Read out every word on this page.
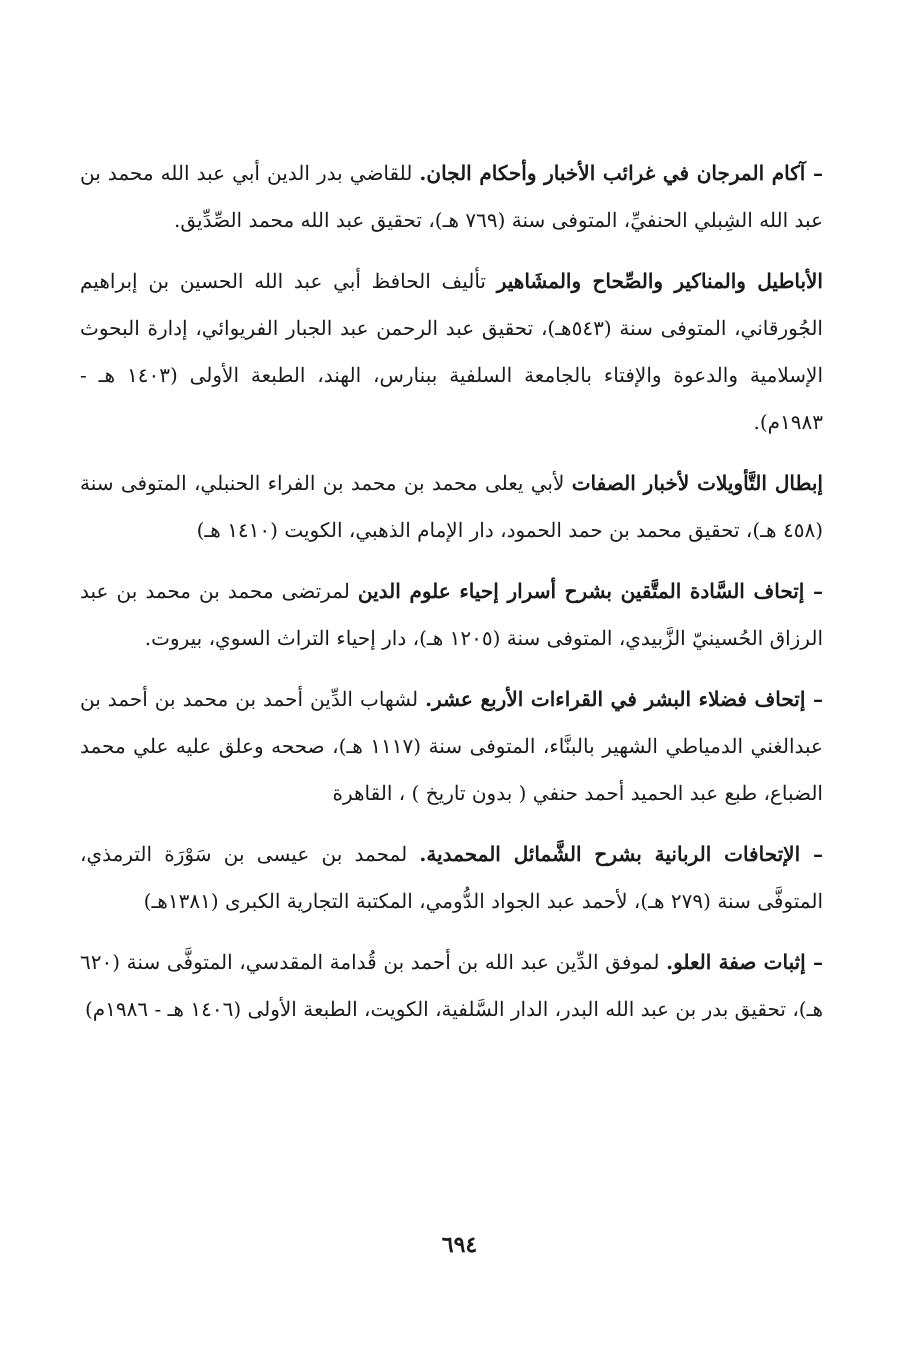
– آكام المرجان في غرائب الأخبار وأحكام الجان. للقاضي بدر الدين أبي عبد الله محمد بن عبد الله الشِبلي الحنفيِّ، المتوفى سنة (٧٦٩ هـ)، تحقيق عبد الله محمد الصِّدِّيق.

الأباطيل والمناكير والصِّحاح والمشَاهير تأليف الحافظ أبي عبد الله الحسين بن إبراهيم الجُورقاني، المتوفى سنة (٥٤٣هـ)، تحقيق عبد الرحمن عبد الجبار الفريوائي، إدارة البحوث الإسلامية والدعوة والإفتاء بالجامعة السلفية ببنارس، الهند، الطبعة الأولى (١٤٠٣ هـ - ١٩٨٣م).

إبطال التَّأويلات لأخبار الصفات لأبي يعلى محمد بن محمد بن الفراء الحنبلي، المتوفى سنة (٤٥٨ هـ)، تحقيق محمد بن حمد الحمود، دار الإمام الذهبي، الكويت (١٤١٠ هـ)

– إتحاف السَّادة المتَّقين بشرح أسرار إحياء علوم الدين لمرتضى محمد بن محمد بن عبد الرزاق الحُسينيّ الزَّبيدي، المتوفى سنة (١٢٠٥ هـ)، دار إحياء التراث السوي، بيروت.

– إتحاف فضلاء البشر في القراءات الأربع عشر. لشهاب الدِّين أحمد بن محمد بن أحمد بن عبدالغني الدمياطي الشهير بالبنَّاء، المتوفى سنة (١١١٧ هـ)، صححه وعلق عليه علي محمد الضباع، طبع عبد الحميد أحمد حنفي ( بدون تاريخ ) ، القاهرة

– الإتحافات الربانية بشرح الشَّمائل المحمدية. لمحمد بن عيسى بن سَوْرَة الترمذي، المتوفَّى سنة (٢٧٩ هـ)، لأحمد عبد الجواد الدُّومي، المكتبة التجارية الكبرى (١٣٨١هـ)

– إثبات صفة العلو. لموفق الدِّين عبد الله بن أحمد بن قُدامة المقدسي، المتوفَّى سنة (٦٢٠ هـ)، تحقيق بدر بن عبد الله البدر، الدار السَّلفية، الكويت، الطبعة الأولى (١٤٠٦ هـ - ١٩٨٦م)

٦٩٤
